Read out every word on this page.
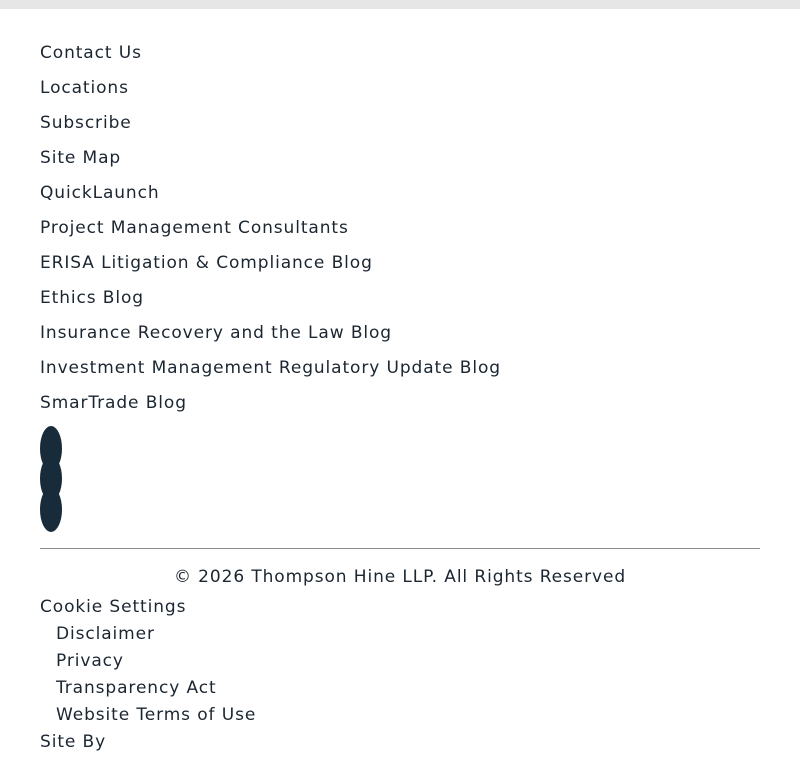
Contact Us
Locations
Subscribe
Site Map
QuickLaunch
Project Management Consultants
ERISA Litigation & Compliance Blog
Ethics Blog
Insurance Recovery and the Law Blog
Investment Management Regulatory Update Blog
SmarTrade Blog
© 2026 Thompson Hine LLP. All Rights Reserved
Cookie Settings
Disclaimer
Privacy
Transparency Act
Website Terms of Use
Site By
